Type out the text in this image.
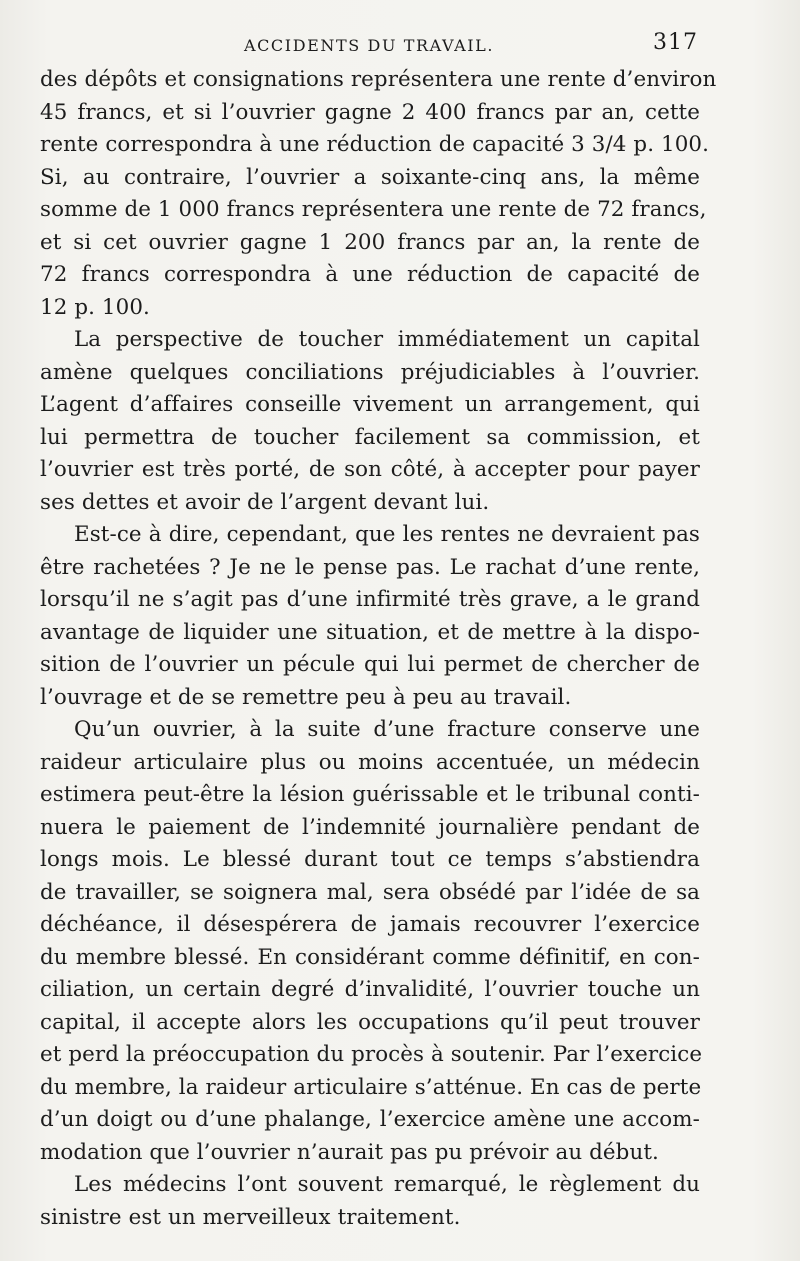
ACCIDENTS DU TRAVAIL.	317
des dépôts et consignations représentera une rente d’environ
45 francs, et si l’ouvrier gagne 2 400 francs par an, cette
rente correspondra à une réduction de capacité 3 3/4 p. 100.
Si, au contraire, l’ouvrier a soixante-cinq ans, la même
somme de 1 000 francs représentera une rente de 72 francs,
et si cet ouvrier gagne 1 200 francs par an, la rente de
72 francs correspondra à une réduction de capacité de
12 p. 100.
La perspective de toucher immédiatement un capital
amène quelques conciliations préjudiciables à l’ouvrier.
L’agent d’affaires conseille vivement un arrangement, qui
lui permettra de toucher facilement sa commission, et
l’ouvrier est très porté, de son côté, à accepter pour payer
ses dettes et avoir de l’argent devant lui.
Est-ce à dire, cependant, que les rentes ne devraient pas
être rachetées ? Je ne le pense pas. Le rachat d’une rente,
lorsqu’il ne s’agit pas d’une infirmité très grave, a le grand
avantage de liquider une situation, et de mettre à la dispo-
sition de l’ouvrier un pécule qui lui permet de chercher de
l’ouvrage et de se remettre peu à peu au travail.
Qu’un ouvrier, à la suite d’une fracture conserve une
raideur articulaire plus ou moins accentuée, un médecin
estimera peut-être la lésion guérissable et le tribunal conti-
nuera le paiement de l’indemnité journalière pendant de
longs mois. Le blessé durant tout ce temps s’abstiendra
de travailler, se soignera mal, sera obsédé par l’idée de sa
déchéance, il désespérera de jamais recouvrer l’exercice
du membre blessé. En considérant comme définitif, en con-
ciliation, un certain degré d’invalidité, l’ouvrier touche un
capital, il accepte alors les occupations qu’il peut trouver
et perd la préoccupation du procès à soutenir. Par l’exercice
du membre, la raideur articulaire s’atténue. En cas de perte
d’un doigt ou d’une phalange, l’exercice amène une accom-
modation que l’ouvrier n’aurait pas pu prévoir au début.
Les médecins l’ont souvent remarqué, le règlement du
sinistre est un merveilleux traitement.
